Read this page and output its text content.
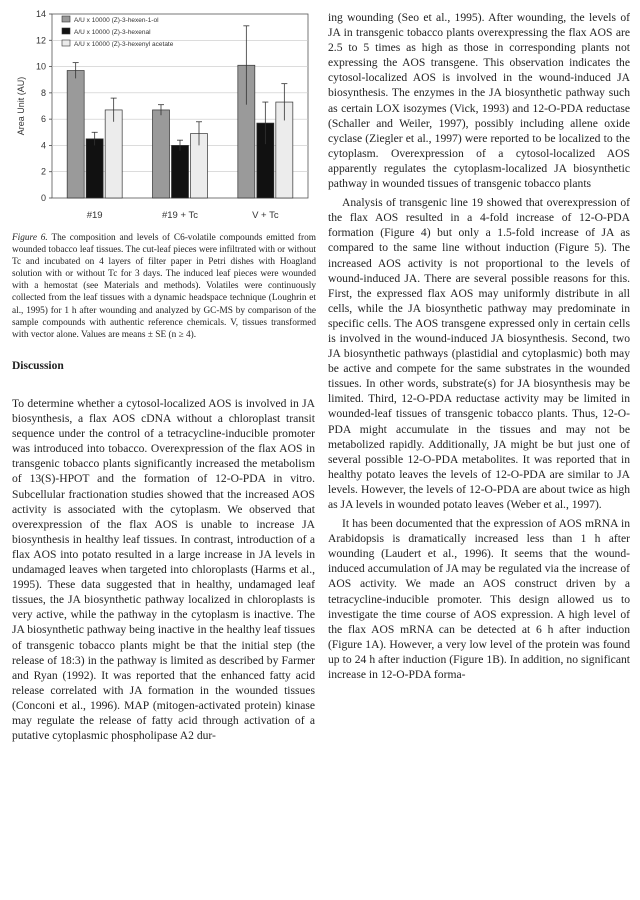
0
2
4
6
8
10
12
14
Area Unit (AU)
#19	#19 + Tc	V + Tc
A/U x 10000 (Z)-3-hexen-1-ol
A/U x 10000 (Z)-3-hexenal
A/U x 10000 (Z)-3-hexenyl acetate
Figure 6. The composition and levels of C6-volatile compounds emitted from wounded tobacco leaf tissues. The cut-leaf pieces were infiltrated with or without Tc and incubated on 4 layers of filter paper in Petri dishes with Hoagland solution with or without Tc for 3 days. The induced leaf pieces were wounded with a hemostat (see Materials and methods). Volatiles were continuously collected from the leaf tissues with a dynamic headspace technique (Loughrin et al., 1995) for 1 h after wounding and analyzed by GC-MS by comparison of the sample compounds with authentic reference chemicals. V, tissues transformed with vector alone. Values are means ± SE (n ≥ 4).
Discussion

To determine whether a cytosol-localized AOS is involved in JA biosynthesis, a flax AOS cDNA without a chloroplast transit sequence under the control of a tetracycline-inducible promoter was introduced into tobacco. Overexpression of the flax AOS in transgenic tobacco plants significantly increased the metabolism of 13(S)-HPOT and the formation of 12-O-PDA in vitro. Subcellular fractionation studies showed that the increased AOS activity is associated with the cytoplasm. We observed that overexpression of the flax AOS is unable to increase JA biosynthesis in healthy leaf tissues. In contrast, introduction of a flax AOS into potato resulted in a large increase in JA levels in undamaged leaves when targeted into chloroplasts (Harms et al., 1995). These data suggested that in healthy, undamaged leaf tissues, the JA biosynthetic pathway localized in chloroplasts is very active, while the pathway in the cytoplasm is inactive. The JA biosynthetic pathway being inactive in the healthy leaf tissues of transgenic tobacco plants might be that the initial step (the release of 18:3) in the pathway is limited as described by Farmer and Ryan (1992). It was reported that the enhanced fatty acid release correlated with JA formation in the wounded tissues (Conconi et al., 1996). MAP (mitogen-activated protein) kinase may regulate the release of fatty acid through activation of a putative cytoplasmic phospholipase A2 dur-

ing wounding (Seo et al., 1995). After wounding, the levels of JA in transgenic tobacco plants overexpressing the flax AOS are 2.5 to 5 times as high as those in corresponding plants not expressing the AOS transgene. This observation indicates the cytosol-localized AOS is involved in the wound-induced JA biosynthesis. The enzymes in the JA biosynthetic pathway such as certain LOX isozymes (Vick, 1993) and 12-O-PDA reductase (Schaller and Weiler, 1997), possibly including allene oxide cyclase (Ziegler et al., 1997) were reported to be localized to the cytoplasm. Overexpression of a cytosol-localized AOS apparently regulates the cytoplasm-localized JA biosynthetic pathway in wounded tissues of transgenic tobacco plants

Analysis of transgenic line 19 showed that overexpression of the flax AOS resulted in a 4-fold increase of 12-O-PDA formation (Figure 4) but only a 1.5-fold increase of JA as compared to the same line without induction (Figure 5). The increased AOS activity is not proportional to the levels of wound-induced JA. There are several possible reasons for this. First, the expressed flax AOS may uniformly distribute in all cells, while the JA biosynthetic pathway may predominate in specific cells. The AOS transgene expressed only in certain cells is involved in the wound-induced JA biosynthesis. Second, two JA biosynthetic pathways (plastidial and cytoplasmic) both may be active and compete for the same substrates in the wounded tissues. In other words, substrate(s) for JA biosynthesis may be limited. Third, 12-O-PDA reductase activity may be limited in wounded-leaf tissues of transgenic tobacco plants. Thus, 12-O-PDA might accumulate in the tissues and may not be metabolized rapidly. Additionally, JA might be but just one of several possible 12-O-PDA metabolites. It was reported that in healthy potato leaves the levels of 12-O-PDA are similar to JA levels. However, the levels of 12-O-PDA are about twice as high as JA levels in wounded potato leaves (Weber et al., 1997).

It has been documented that the expression of AOS mRNA in Arabidopsis is dramatically increased less than 1 h after wounding (Laudert et al., 1996). It seems that the wound-induced accumulation of JA may be regulated via the increase of AOS activity. We made an AOS construct driven by a tetracycline-inducible promoter. This design allowed us to investigate the time course of AOS expression. A high level of the flax AOS mRNA can be detected at 6 h after induction (Figure 1A). However, a very low level of the protein was found up to 24 h after induction (Figure 1B). In addition, no significant increase in 12-O-PDA forma-
